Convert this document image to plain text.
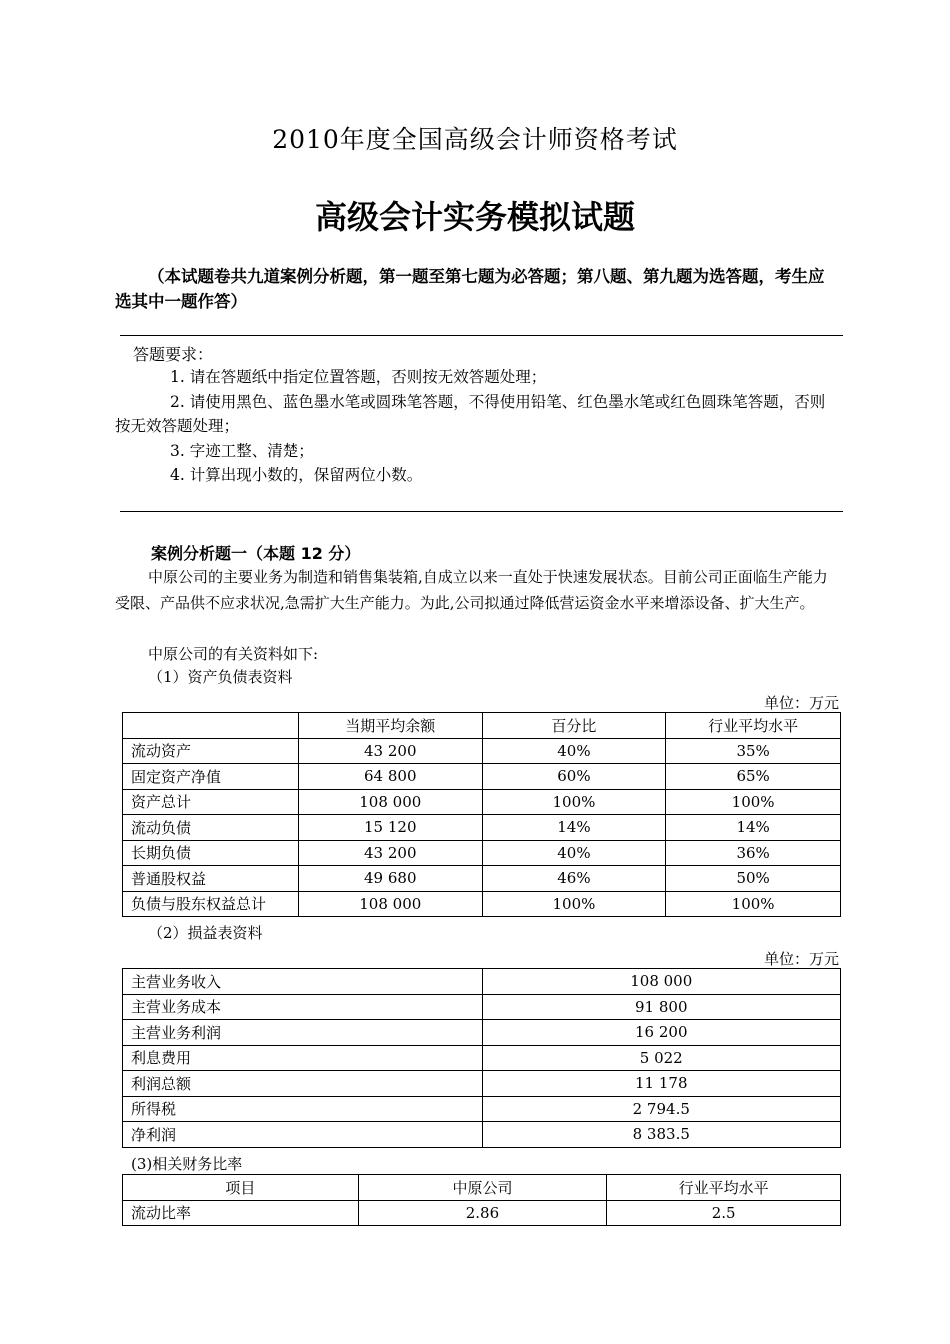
2010年度全国高级会计师资格考试
高级会计实务模拟试题
（本试题卷共九道案例分析题，第一题至第七题为必答题；第八题、第九题为选答题，考生应选其中一题作答）
答题要求：
1. 请在答题纸中指定位置答题，否则按无效答题处理；
2. 请使用黑色、蓝色墨水笔或圆珠笔答题，不得使用铅笔、红色墨水笔或红色圆珠笔答题，否则按无效答题处理；
3. 字迹工整、清楚；
4. 计算出现小数的，保留两位小数。
案例分析题一（本题 12 分）
中原公司的主要业务为制造和销售集装箱,自成立以来一直处于快速发展状态。目前公司正面临生产能力受限、产品供不应求状况,急需扩大生产能力。为此,公司拟通过降低营运资金水平来增添设备、扩大生产。
中原公司的有关资料如下:
（1）资产负债表资料
单位：万元
	当期平均余额	百分比	行业平均水平
流动资产	43 200	40%	35%
固定资产净值	64 800	60%	65%
资产总计	108 000	100%	100%
流动负债	15 120	14%	14%
长期负债	43 200	40%	36%
普通股权益	49 680	46%	50%
负债与股东权益总计	108 000	100%	100%
（2）损益表资料
单位：万元
主营业务收入	108 000
主营业务成本	91 800
主营业务利润	16 200
利息费用	5 022
利润总额	11 178
所得税	2 794.5
净利润	8 383.5
(3)相关财务比率
项目	中原公司	行业平均水平
流动比率	2.86	2.5
